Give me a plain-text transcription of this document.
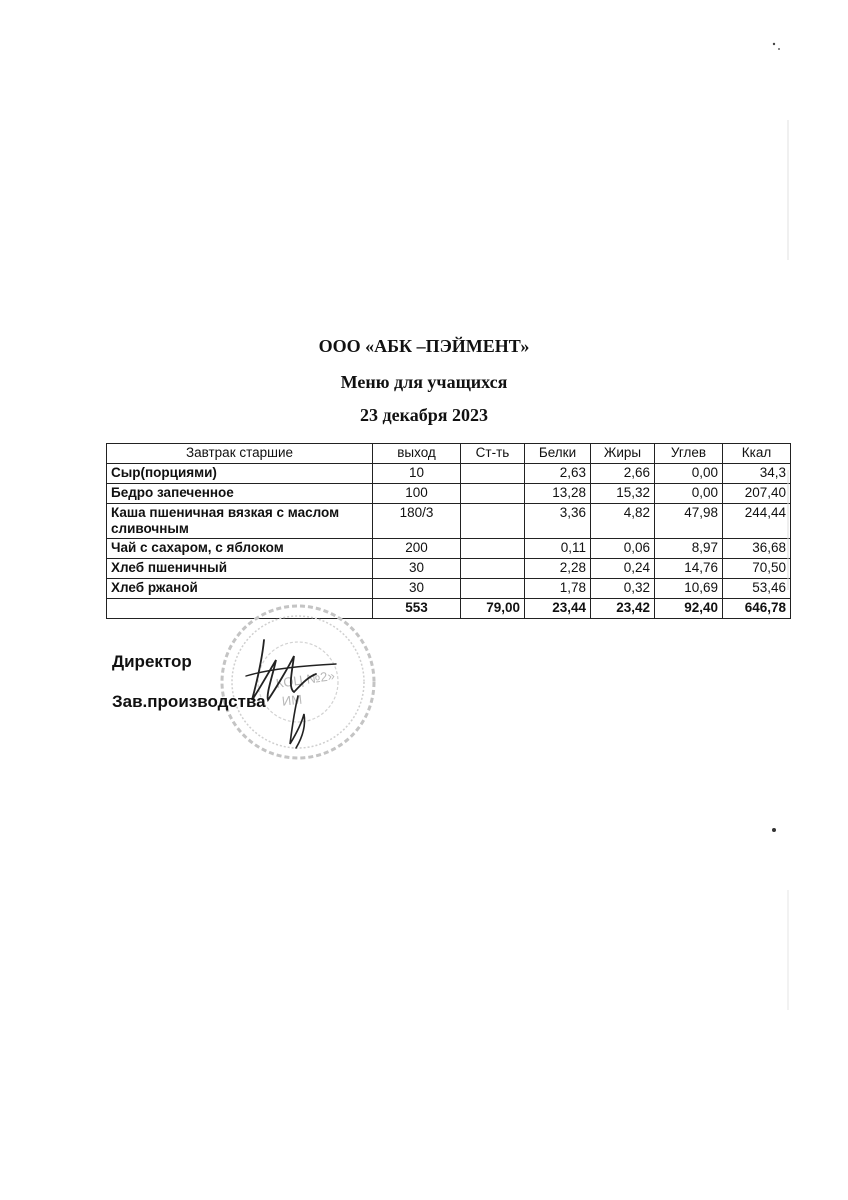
ООО «АБК –ПЭЙМЕНТ»
Меню для учащихся
23 декабря 2023
Завтрак старшие	выход	Ст-ть	Белки	Жиры	Углев	Ккал
Сыр(порциями)	10		2,63	2,66	0,00	34,3
Бедро запеченное	100		13,28	15,32	0,00	207,40
Каша пшеничная вязкая с маслом сливочным	180/3		3,36	4,82	47,98	244,44
Чай с сахаром, с яблоком	200		0,11	0,06	8,97	36,68
Хлеб пшеничный	30		2,28	0,24	14,76	70,50
Хлеб ржаной	30		1,78	0,32	10,69	53,46
	553	79,00	23,44	23,42	92,40	646,78
КОЦ №2»
ИМ
Директор
Зав.производства
